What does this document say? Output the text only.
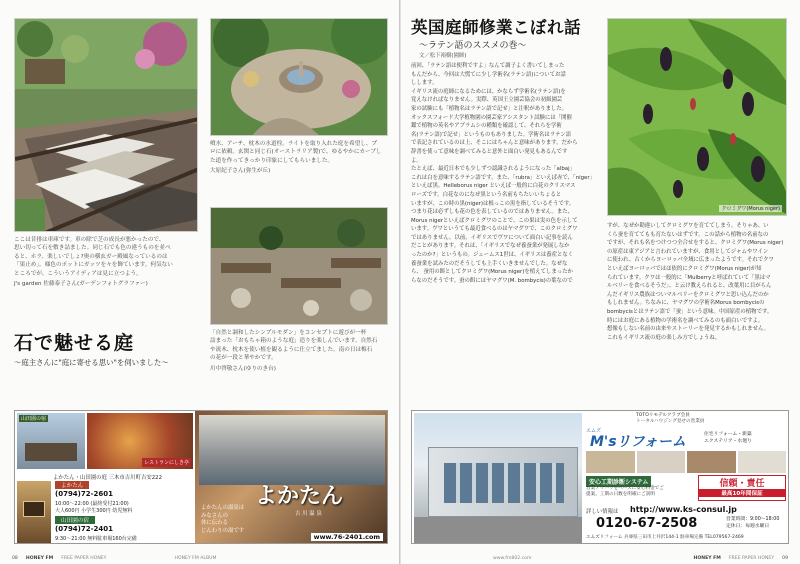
ここは昔排は車庫です。車の除で芝の成長が悪かったので、
思い切って石を敷き詰ました。同じ石でも色の違うものを並べ
ると、ホラ、楽しいでしょ?奥の横玄ガー殿風なっているのは
「果止め」。様色のポットにガッツを々を飾ています。何気ない
ところでが、こういうアイディアは見に立つよう。
J's garden 佐藤泰子さん(ガーデンフォトグラファー)
噴水、アーチ、枕木の水道栓。ライトを取り入れた庭を希望し、プ
ロに依頼。玄関と同じ石(オーストラリア製)で、ゆるやかにカーブし
た道を作ってきっかり印象にしてもらいました。
大原紀子さん(弥生が丘)
「自然と調和したシンプルモダン」をコンセプトに遊びが一杯
詰まった「おもちゃ箱のような庭」造りを楽しんでいます。自然石
や流木、枕木を使い植を観るように仕立てました。南の日は梅石
の花が一段と華やかです。
川中啓敬さん(ゆりのき台)
石で魅せる庭
～庭主さんに"庭に寄せる思い"を伺いました～
山田園の宿
レストランにしき亭
よかたん・山田園の庭 三木市吉川町吉安222
よかたん
(0794)72-2601
10:00〜22:00 (最終受付21:00)
大人600円 小学生300円 幼児無料
山田園の宿
(0794)72-2401
9:30〜21:00 無料駐車場160台完備
よかたん
吉 川 温 泉
よかたんの湯泉は
みなさんの
体に伝わる
じんわりの湯です
www.76-2401.com
08 HONEY FM FREE PAPER HONEY	HONEY FM ALBUM
英国庭師修業こぼれ話
～ラテン語のススメの巻～
文／松下裕樹(園師)
前回、「ラテン語は便利ですよ」なんて調子よく書いてしまった
もんだから、今回は大慌てに少し学術名(ラテン語)についてお話
しします。
イギリス流の庭師になるためには、かならず学術名(ラテン語)を
覚えなければなりません。実際、英国王立園芸協会の初級園芸
家の試験にも「植物名はラテン語で記せ」と注釈がありました。
オックスフォード大学植物園の園芸家アシスタント試験には「開催
鑑で植物の英名やアブラムシの種類を確認して、それらを学術
名(ラテン語)で記せ」というものもありました。学術名はラテン語
で表記されているのは上、そこにはちゃんと意味があります。だから
辞書を使って意味を調べてみると意外と面白い発見もあるんです
よ。
たとえば、最近日本でも少しずつ認識されるようになった「albaj」
これは白を意味するラテン語です。また、「rubra」といえば赤で、「niger」
といえば黒。Helleborus niger といえば一般的に白花のクリスマス
ローズです。白花なのになぜ黒という名前もちたいいちょると
いますが、この時の黒(niger)は根っこの黒を指しているそうです。
つまり花は必ずしも花の色を表しているのではありません。また、
Morus nigerといえばクロミグワのことで、この果は実の色を示して
います。ヴワというても最近食べるのはヤマグワで、このクロミグワ
ではありません。以前、イギリスでヴワについて面白い記事を読ん
だことがあります。それは、「イギリスでなぜ養蚕業が発展しなか
ったのか?」というもの。ジェームス1世は、イギリスは養産となく
養蚕業を試みたのだそうしても上手くいきませんでした。なぜな
ら、 蚕用の餌としてクロミグワ(Morus niger)を植えてしまったか
らなのだそうです。蚕の餌にはヤマグワ(M. bombycis)の葉なので
クロミグワ(Morus niger)
すが、なぜか勘違いしてクロミグワを育ててしまう。そりゃあ、い
くら蚕を育ててもも育たないはずです。この話から植物の名前なの
ですが、それも名をつけつつ全合せをすると、クロミグワ(Morus niger)
の原産は東アジアと言われていますが、食用としてジャムやワイン
に使われ、古くからヨーロッパ全域に広まったようです。それでクワ
といえばヨーロッパではほ依的にクロミグワ(Morus niger)が知
られています。クワは一般的に「Mulberryと呼ばれていて「黒はマ
ルベリーを食べるそうだ」、と云け教えられると、改葉用に目がらん
んだイギリス農族はついマルベリーをクロミグワと思い込んだのか
もしれません。ちなみに、ヤマグワの学術名Morus bombycisの
bombycisとはラテン語で「蚕」という意味。中国原産の植物です。
時にはお庭にある植物の学術名を調べてみるのも面白いですよ。
想像もしない名前の由来やストーリーを発見するかもしれません。
これもイギリス流の庭の楽しみ方でしょうね。
TOTOリモデルクラブ会員
トータルハウジング見せの営業員
エムズ
M'sリフォーム	住宅リフォーム・新築
エクステリア・水廻り
安心工期診断システム
営業ノウハウをベースに安心料金でご
提案。工期の日数を明確にご説明
信頼・責任
最高10年間保証
詳しい情報は http://www.ks-consul.jp
0120-67-2508	営業時間：9:00〜18:00
定休日：毎週水曜日
エムズリフォーム 兵庫県三田市上井沢144-1 駐車場完備 TEL079567-2469
www.fm802.com	HONEY FM FREE PAPER HONEY 09
